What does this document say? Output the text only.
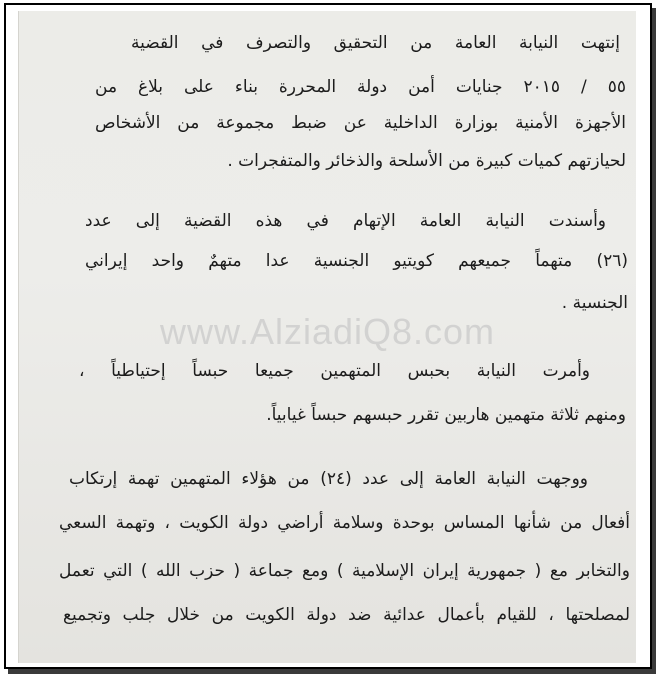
إنتهت النيابة العامة من التحقيق والتصرف في القضية
٥٥ / ٢٠١٥ جنايات أمن دولة المحررة بناء على بلاغ من
الأجهزة الأمنية بوزارة الداخلية عن ضبط مجموعة من الأشخاص
لحيازتهم كميات كبيرة من الأسلحة والذخائر والمتفجرات .
وأسندت النيابة العامة الإتهام في هذه القضية إلى عدد
(٢٦) متهماً جميعهم كويتيو الجنسية عدا متهمٌ واحد إيراني
الجنسية .
وأمرت النيابة بحبس المتهمين جميعا حبساً إحتياطياً ،
ومنهم ثلاثة متهمين هاربين تقرر حبسهم حبساً غيابياً.
ووجهت النيابة العامة إلى عدد (٢٤) من هؤلاء المتهمين تهمة إرتكاب
أفعال من شأنها المساس بوحدة وسلامة أراضي دولة الكويت ، وتهمة السعي
والتخابر مع ( جمهورية إيران الإسلامية ) ومع جماعة ( حزب الله ) التي تعمل
لمصلحتها ، للقيام بأعمال عدائية ضد دولة الكويت من خلال جلب وتجميع
www.AlziadiQ8.com
